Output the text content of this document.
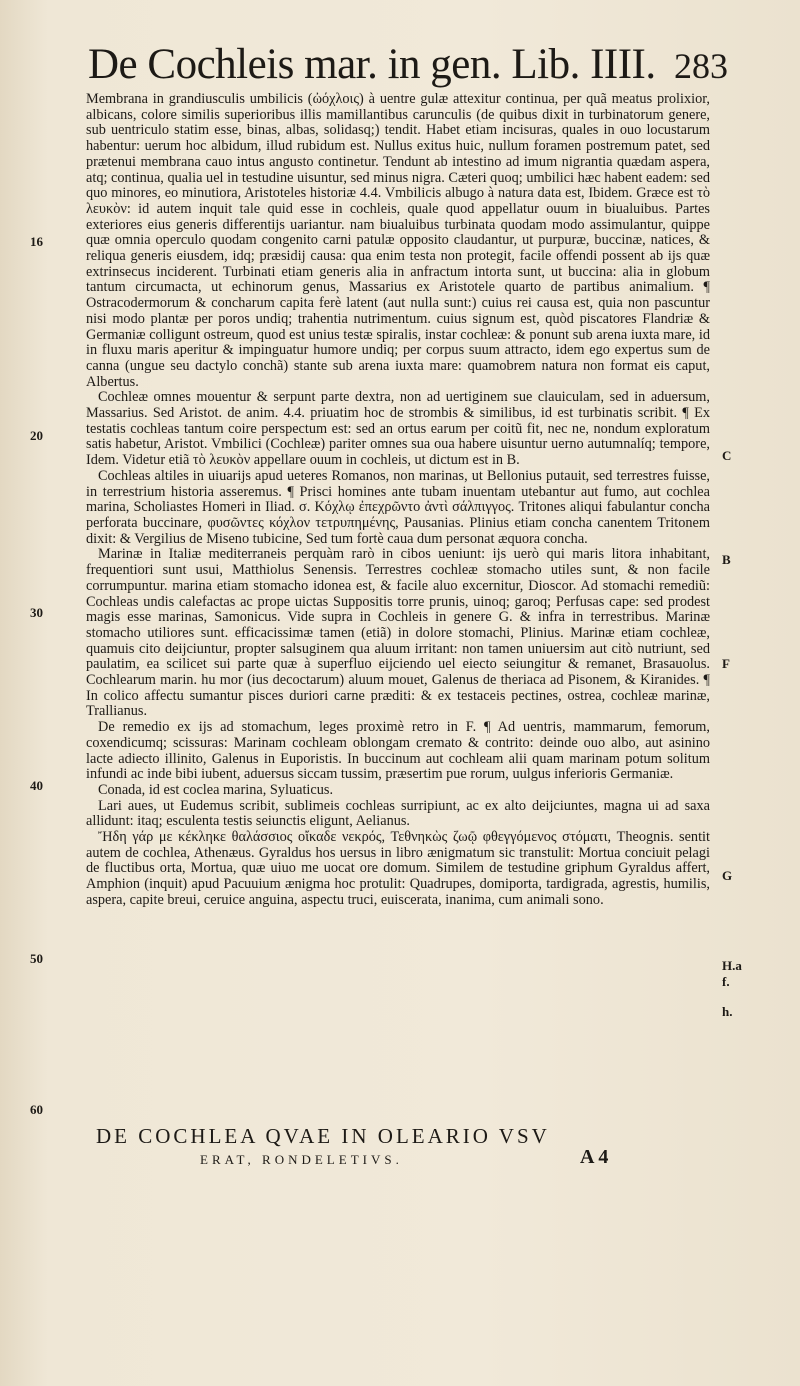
De Cochleis mar. in gen. Lib. IIII. 283

Membrana in grandiusculis umbilicis (ὠόχλοις) à uentre gulæ attexitur continua, per quã meatus prolixior, albicans, colore similis superioribus illis mamillantibus carunculis (de quibus dixit in turbinatorum genere, sub uentriculo statim esse, binas, albas, solidasq;) tendit. Habet etiam incisuras, quales in ouo locustarum habentur: uerum hoc albidum, illud rubidum est. Nullus exitus huic, nullum foramen postremum patet, sed prætenui membrana cauo intus angusto continetur. Tendunt ab intestino ad imum nigrantia quædam aspera, atq; continua, qualia uel in testudine uisuntur, sed minus nigra. Cæteri quoq; umbilici hæc habent eadem: sed quo minores, eo minutiora, Aristoteles historiæ 4.4. Vmbilicis albugo à natura data est, Ibidem. Græce est τὸ λευκὸν: id autem inquit tale quid esse in cochleis, quale quod appellatur ouum in biualuibus. Partes exteriores eius generis differentijs uariantur. nam biualuibus turbinata quodam modo assimulantur, quippe quæ omnia operculo quodam congenito carni patulæ opposito claudantur, ut purpuræ, buccinæ, natices, & reliqua generis eiusdem, idq; præsidij causa: qua enim testa non protegit, facile offendi possent ab ijs quæ extrinsecus inciderent. Turbinati etiam generis alia in anfractum intorta sunt, ut buccina: alia in globum tantum circumacta, ut echinorum genus, Massarius ex Aristotele quarto de partibus animalium. ¶ Ostracodermorum & concharum capita ferè latent (aut nulla sunt:) cuius rei causa est, quia non pascuntur nisi modo plantæ per poros undiq; trahentia nutrimentum. cuius signum est, quòd piscatores Flandriæ & Germaniæ colligunt ostreum, quod est unius testæ spiralis, instar cochleæ: & ponunt sub arena iuxta mare, id in fluxu maris aperitur & impinguatur humore undiq; per corpus suum attracto, idem ego expertus sum de canna (ungue seu dactylo conchã) stante sub arena iuxta mare: quamobrem natura non format eis caput, Albertus.

Cochleæ omnes mouentur & serpunt parte dextra, non ad uertiginem sue clauiculam, sed in aduersum, Massarius. Sed Aristot. de anim. 4.4. priuatim hoc de strombis & similibus, id est turbinatis scribit. ¶ Ex testatis cochleas tantum coire perspectum est: sed an ortus earum per coitũ fit, nec ne, nondum exploratum satis habetur, Aristot. Vmbilici (Cochleæ) pariter omnes sua oua habere uisuntur uerno autumnalíq; tempore, Idem. Videtur etiã τὸ λευκὸν appellare ouum in cochleis, ut dictum est in B.

Cochleas altiles in uiuarijs apud ueteres Romanos, non marinas, ut Bellonius putauit, sed terrestres fuisse, in terrestrium historia asseremus. ¶ Prisci homines ante tubam inuentam utebantur aut fumo, aut cochlea marina, Scholiastes Homeri in Iliad. σ. Κόχλῳ ἐπεχρῶντο ἀντὶ σάλπιγγος. Tritones aliqui fabulantur concha perforata buccinare, φυσῶντες κόχλον τετρυπημένης, Pausanias. Plinius etiam concha canentem Tritonem dixit: & Vergilius de Miseno tubicine, Sed tum fortè caua dum personat æquora concha.

Marinæ in Italiæ mediterraneis perquàm rarò in cibos ueniunt: ijs uerò qui maris litora inhabitant, frequentiori sunt usui, Matthiolus Senensis. Terrestres cochleæ stomacho utiles sunt, & non facile corrumpuntur. marina etiam stomacho idonea est, & facile aluo excernitur, Dioscor. Ad stomachi remediũ: Cochleas undis calefactas ac prope uictas Suppositis torre prunis, uinoq; garoq; Perfusas cape: sed prodest magis esse marinas, Samonicus. Vide supra in Cochleis in genere G. & infra in terrestribus. Marinæ stomacho utiliores sunt. efficacissimæ tamen (etiã) in dolore stomachi, Plinius. Marinæ etiam cochleæ, quamuis cito deijciuntur, propter salsuginem qua aluum irritant: non tamen uniuersim aut citò nutriunt, sed paulatim, ea scilicet sui parte quæ à superfluo eijciendo uel eiecto seiungitur & remanet, Brasauolus. Cochlearum marin. hu mor (ius decoctarum) aluum mouet, Galenus de theriaca ad Pisonem, & Kiranides. ¶ In colico affectu sumantur pisces duriori carne præditi: & ex testaceis pectines, ostrea, cochleæ marinæ, Trallianus.

De remedio ex ijs ad stomachum, leges proximè retro in F. ¶ Ad uentris, mammarum, femorum, coxendicumq; scissuras: Marinam cochleam oblongam cremato & contrito: deinde ouo albo, aut asinino lacte adiecto illinito, Galenus in Euporistis. In buccinum aut cochleam alii quam marinam potum solitum infundi ac inde bibi iubent, aduersus siccam tussim, præsertim pue rorum, uulgus inferioris Germaniæ.

Conada, id est coclea marina, Syluaticus.

Lari aues, ut Eudemus scribit, sublimeis cochleas surripiunt, ac ex alto deijciuntes, magna ui ad saxa allidunt: itaq; esculenta testis seiunctis eligunt, Aelianus.

Ἤδη γάρ με κέκληκε θαλάσσιος οἴκαδε νεκρός, Τεθνηκὼς ζωῷ φθεγγόμενος στόματι, Theognis. sentit autem de cochlea, Athenæus. Gyraldus hos uersus in libro ænigmatum sic transtulit: Mortua conciuit pelagi de fluctibus orta, Mortua, quæ uiuo me uocat ore domum. Similem de testudine griphum Gyraldus affert, Amphion (inquit) apud Pacuuium ænigma hoc protulit: Quadrupes, domiporta, tardigrada, agrestis, humilis, aspera, capite breui, ceruice anguina, aspectu truci, euiscerata, inanima, cum animali sono.

16
20
30
40
50
60
C
B
F
G
H.a
f.
h.
DE COCHLEA QVAE IN OLEARIO VSV
ERAT, RONDELETIVS.	A 4
